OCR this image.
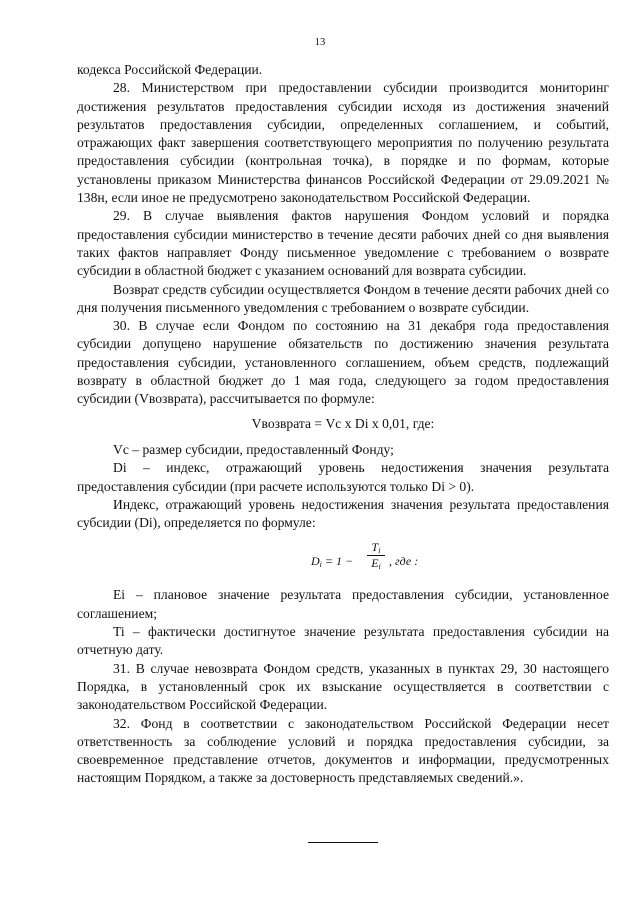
13

кодекса Российской Федерации.

28. Министерством при предоставлении субсидии производится мониторинг достижения результатов предоставления субсидии исходя из достижения значений результатов предоставления субсидии, определенных соглашением, и событий, отражающих факт завершения соответствующего мероприятия по получению результата предоставления субсидии (контрольная точка), в порядке и по формам, которые установлены приказом Министерства финансов Российской Федерации от 29.09.2021 № 138н, если иное не предусмотрено законодательством Российской Федерации.

29. В случае выявления фактов нарушения Фондом условий и порядка предоставления субсидии министерство в течение десяти рабочих дней со дня выявления таких фактов направляет Фонду письменное уведомление с требованием о возврате субсидии в областной бюджет с указанием оснований для возврата субсидии.

Возврат средств субсидии осуществляется Фондом в течение десяти рабочих дней со дня получения письменного уведомления с требованием о возврате субсидии.

30. В случае если Фондом по состоянию на 31 декабря года предоставления субсидии допущено нарушение обязательств по достижению значения результата предоставления субсидии, установленного соглашением, объем средств, подлежащий возврату в областной бюджет до 1 мая года, следующего за годом предоставления субсидии (Vвозврата), рассчитывается по формуле:

Vвозврата = Vc x Di x 0,01, где:

Vc – размер субсидии, предоставленный Фонду;

Di – индекс, отражающий уровень недостижения значения результата предоставления субсидии (при расчете используются только Di > 0).

Индекс, отражающий уровень недостижения значения результата предоставления субсидии (Di), определяется по формуле:

$D_i = 1 - \frac{T_i}{E_i}$ , где :

Ei – плановое значение результата предоставления субсидии, установленное соглашением;

Ti – фактически достигнутое значение результата предоставления субсидии на отчетную дату.

31. В случае невозврата Фондом средств, указанных в пунктах 29, 30 настоящего Порядка, в установленный срок их взыскание осуществляется в соответствии с законодательством Российской Федерации.

32. Фонд в соответствии с законодательством Российской Федерации несет ответственность за соблюдение условий и порядка предоставления субсидии, за своевременное представление отчетов, документов и информации, предусмотренных настоящим Порядком, а также за достоверность представляемых сведений.».
